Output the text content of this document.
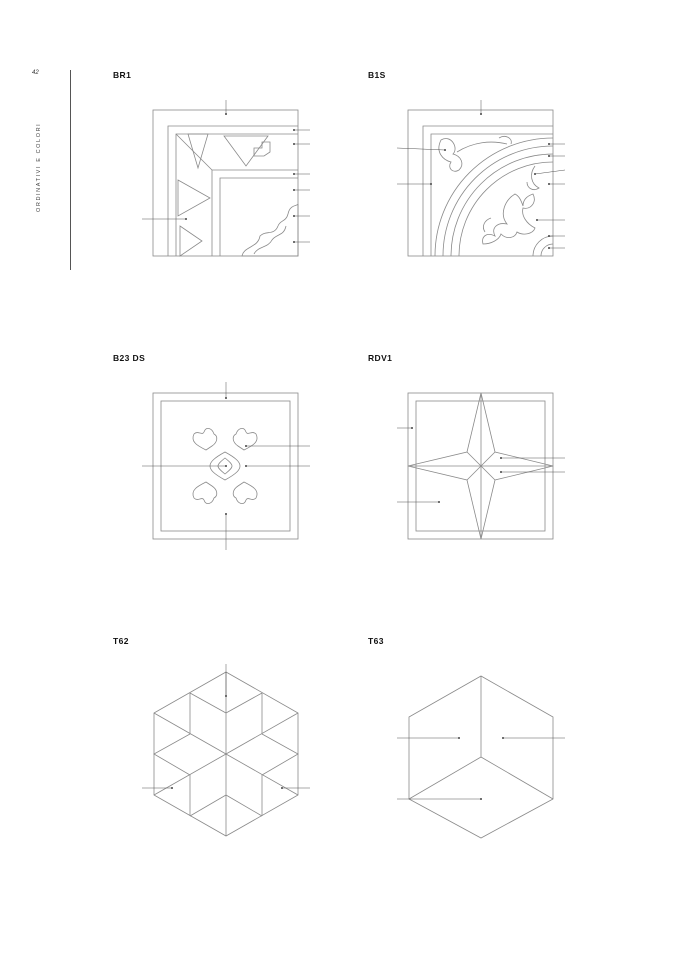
42
ORDINATIVI E COLORI
BR1	B1S
B23 DS	RDV1
T62	T63
